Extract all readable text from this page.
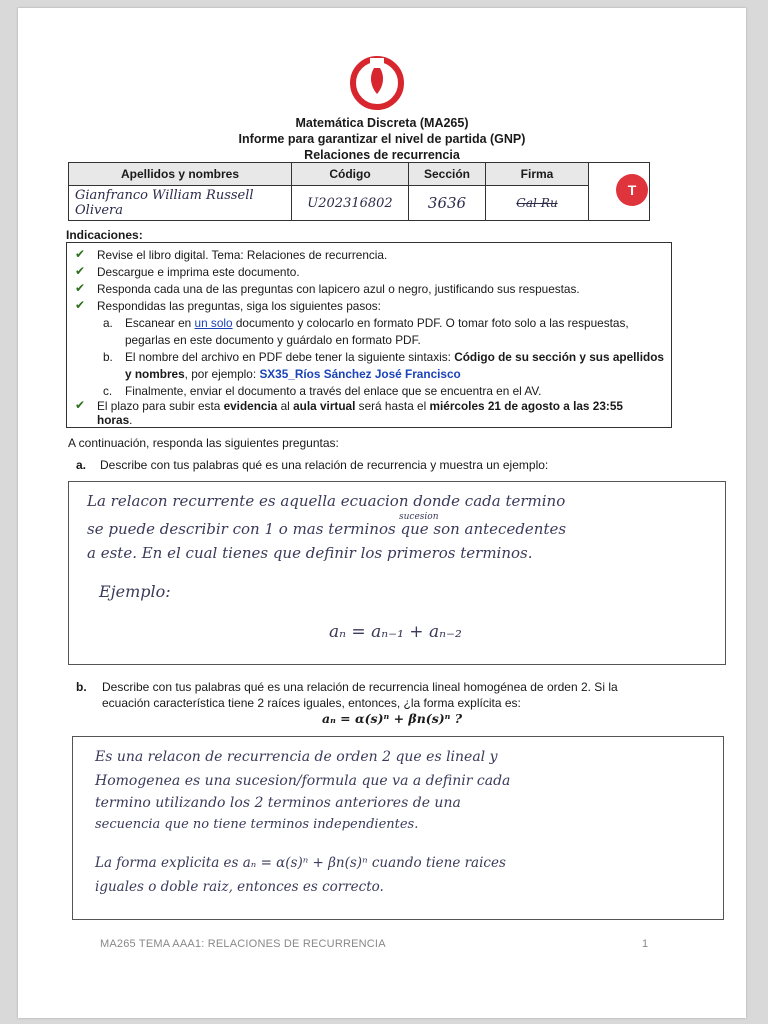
Matemática Discreta (MA265)
Informe para garantizar el nivel de partida (GNP)
Relaciones de recurrencia
Apellidos y nombres	Código	Sección	Firma	
Gianfranco William Russell Olivera	U202316802	3636	Gal-Ru	
T
Indicaciones:
✔ Revise el libro digital. Tema: Relaciones de recurrencia.
✔ Descargue e imprima este documento.
✔ Responda cada una de las preguntas con lapicero azul o negro, justificando sus respuestas.
✔ Respondidas las preguntas, siga los siguientes pasos:
a. Escanear en un solo documento y colocarlo en formato PDF. O tomar foto solo a las respuestas,
pegarlas en este documento y guárdalo en formato PDF.
b. El nombre del archivo en PDF debe tener la siguiente sintaxis: Código de su sección y sus apellidos
y nombres, por ejemplo: SX35_Ríos Sánchez José Francisco
c. Finalmente, enviar el documento a través del enlace que se encuentra en el AV.
✔ El plazo para subir esta evidencia al aula virtual será hasta el miércoles 21 de agosto a las 23:55
horas.
A continuación, responda las siguientes preguntas:
a. Describe con tus palabras qué es una relación de recurrencia y muestra un ejemplo:
La relacon recurrente es aquella ecuacion donde cada termino
sucesion
se puede describir con 1 o mas terminos que son antecedentes
a este. En el cual tienes que definir los primeros terminos.
Ejemplo:
aₙ = aₙ₋₁ + aₙ₋₂
b. Describe con tus palabras qué es una relación de recurrencia lineal homogénea de orden 2. Si la
ecuación característica tiene 2 raíces iguales, entonces, ¿la forma explícita es:
aₙ = α(s)ⁿ + βn(s)ⁿ ?
Es una relacon de recurrencia de orden 2 que es lineal y
Homogenea es una sucesion/formula que va a definir cada
termino utilizando los 2 terminos anteriores de una
secuencia que no tiene terminos independientes.
La forma explicita es aₙ = α(s)ⁿ + βn(s)ⁿ cuando tiene raices
iguales o doble raiz, entonces es correcto.
MA265 TEMA AAA1: RELACIONES DE RECURRENCIA	1
